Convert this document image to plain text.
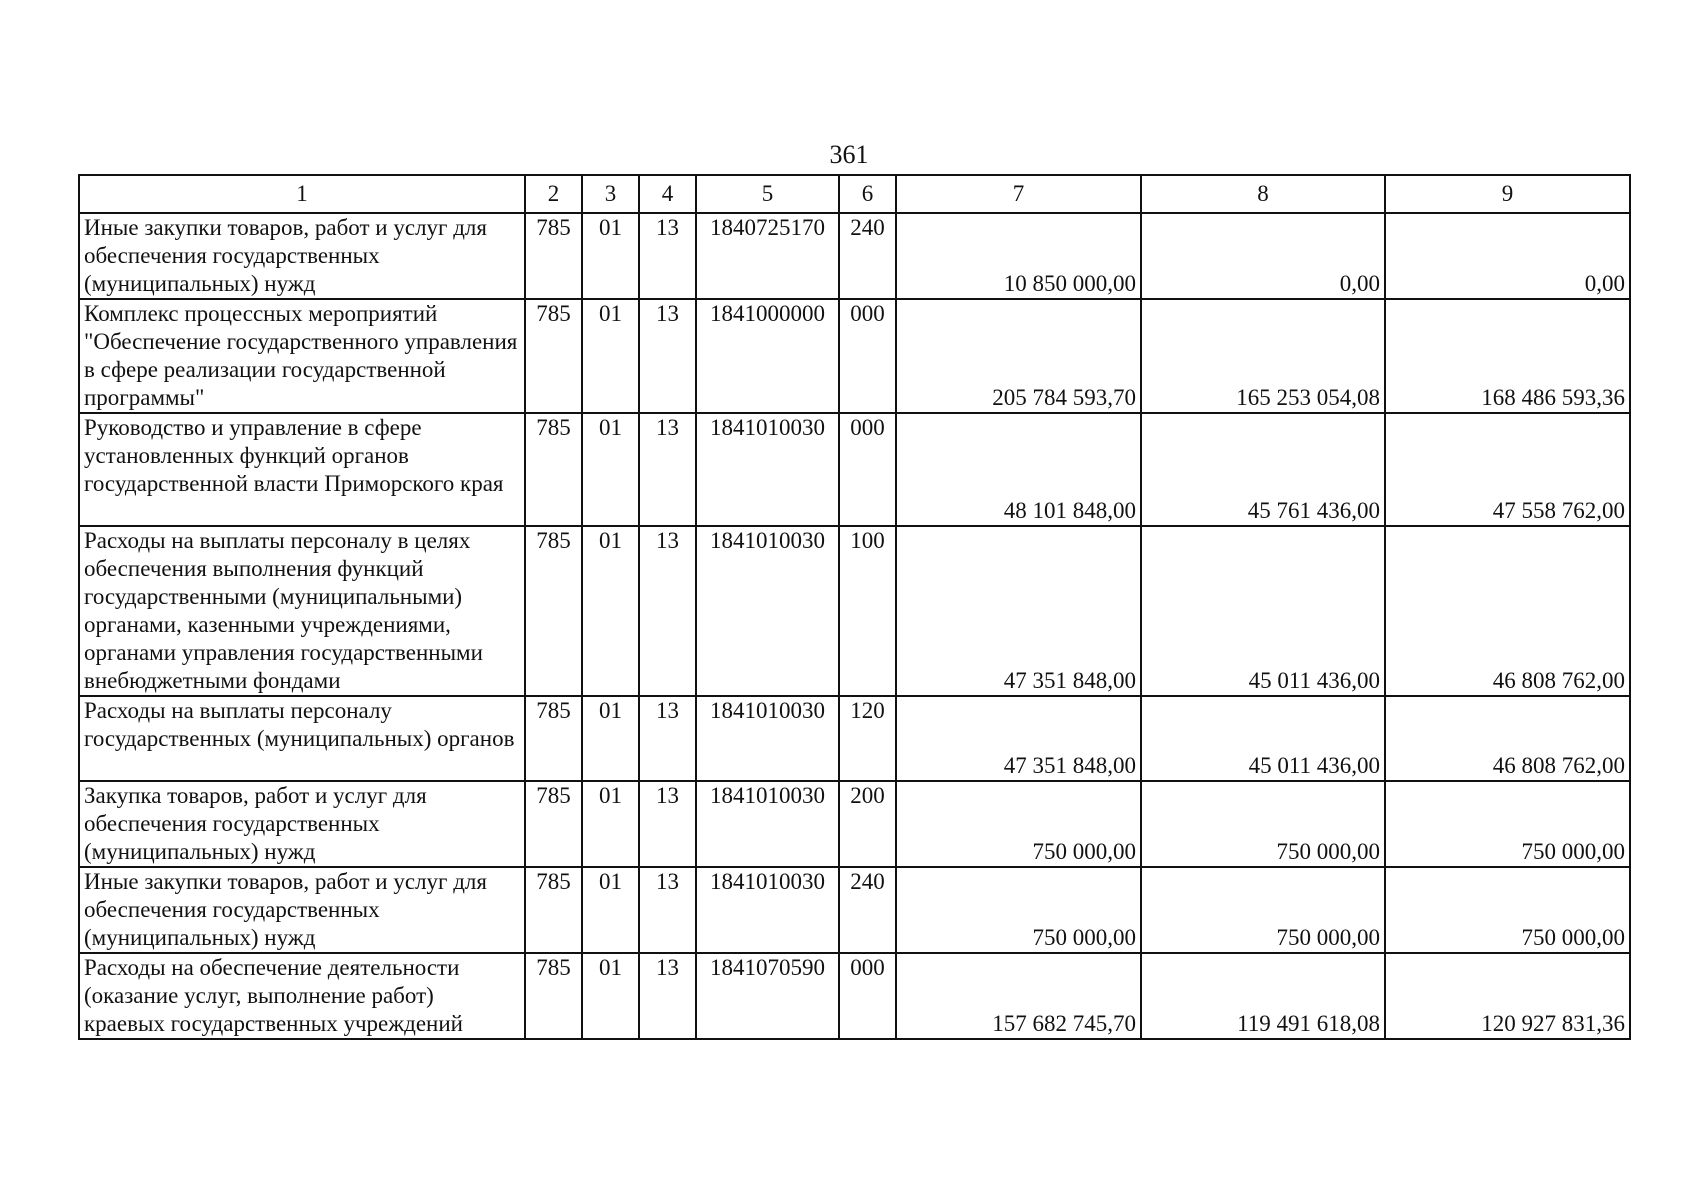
361
1	2	3	4	5	6	7	8	9
Иные закупки товаров, работ и услуг для обеспечения государственных (муниципальных) нужд	785	01	13	1840725170	240	10 850 000,00	0,00	0,00
Комплекс процессных мероприятий "Обеспечение государственного управления в сфере реализации государственной программы"	785	01	13	1841000000	000	205 784 593,70	165 253 054,08	168 486 593,36
Руководство и управление в сфере установленных функций органов государственной власти Приморского края	785	01	13	1841010030	000	48 101 848,00	45 761 436,00	47 558 762,00
Расходы на выплаты персоналу в целях обеспечения выполнения функций государственными (муниципальными) органами, казенными учреждениями, органами управления государственными внебюджетными фондами	785	01	13	1841010030	100	47 351 848,00	45 011 436,00	46 808 762,00
Расходы на выплаты персоналу государственных (муниципальных) органов	785	01	13	1841010030	120	47 351 848,00	45 011 436,00	46 808 762,00
Закупка товаров, работ и услуг для обеспечения государственных (муниципальных) нужд	785	01	13	1841010030	200	750 000,00	750 000,00	750 000,00
Иные закупки товаров, работ и услуг для обеспечения государственных (муниципальных) нужд	785	01	13	1841010030	240	750 000,00	750 000,00	750 000,00
Расходы на обеспечение деятельности (оказание услуг, выполнение работ) краевых государственных учреждений	785	01	13	1841070590	000	157 682 745,70	119 491 618,08	120 927 831,36
